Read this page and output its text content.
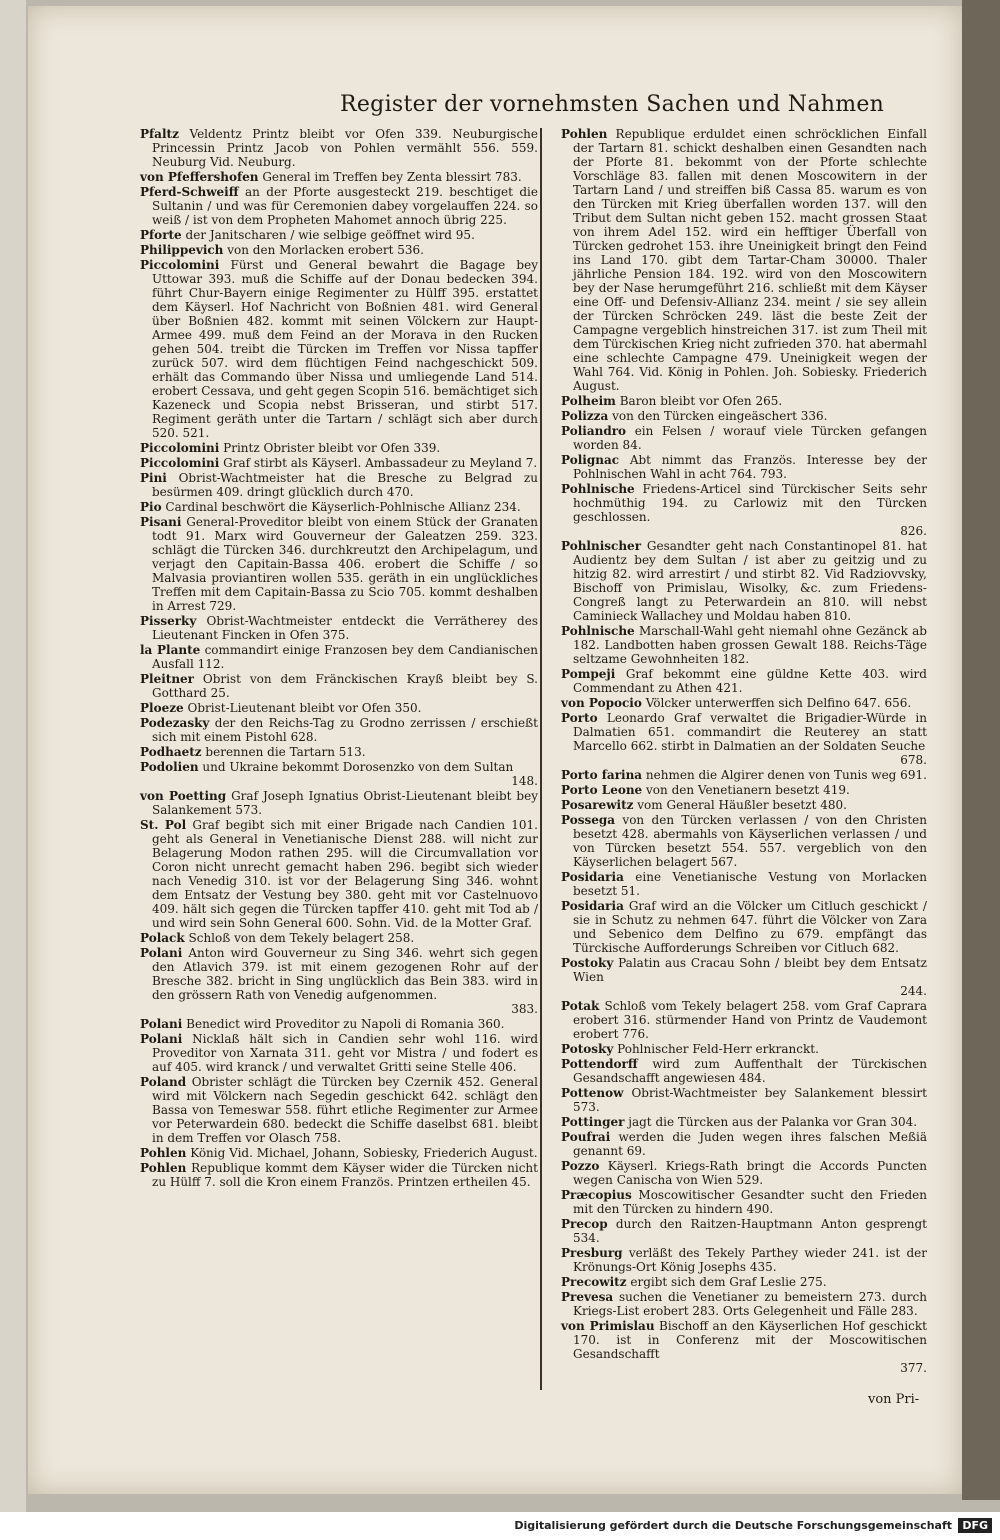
Register der vornehmsten Sachen und Nahmen
Pfaltz Veldentz Printz bleibt vor Ofen 339. Neuburgische Princessin Printz Jacob von Pohlen vermählt 556. 559. Neuburg Vid. Neuburg.
von Pfeffershofen General im Treffen bey Zenta blessirt 783.
Pferd-Schweiff an der Pforte ausgesteckt 219. beschtiget die Sultanin / und was für Ceremonien dabey vorgelauffen 224. so weiß / ist von dem Propheten Mahomet annoch übrig 225.
Pforte der Janitscharen / wie selbige geöffnet wird 95.
Philippevich von den Morlacken erobert 536.
Piccolomini Fürst und General bewahrt die Bagage bey Uttowar 393. muß die Schiffe auf der Donau bedecken 394. führt Chur-Bayern einige Regimenter zu Hülff 395. erstattet dem Käyserl. Hof Nachricht von Boßnien 481. wird General über Boßnien 482. kommt mit seinen Völckern zur Haupt-Armee 499. muß dem Feind an der Morava in den Rucken gehen 504. treibt die Türcken im Treffen vor Nissa tapffer zurück 507. wird dem flüchtigen Feind nachgeschickt 509. erhält das Commando über Nissa und umliegende Land 514. erobert Cessava, und geht gegen Scopin 516. bemächtiget sich Kazeneck und Scopia nebst Brisseran, und stirbt 517. Regiment geräth unter die Tartarn / schlägt sich aber durch 520. 521.
Piccolomini Printz Obrister bleibt vor Ofen 339.
Piccolomini Graf stirbt als Käyserl. Ambassadeur zu Meyland 7.
Pini Obrist-Wachtmeister hat die Bresche zu Belgrad zu besürmen 409. dringt glücklich durch 470.
Pio Cardinal beschwört die Käyserlich-Pohlnische Allianz 234.
Pisani General-Proveditor bleibt von einem Stück der Granaten todt 91. Marx wird Gouverneur der Galeatzen 259. 323. schlägt die Türcken 346. durchkreutzt den Archipelagum, und verjagt den Capitain-Bassa 406. erobert die Schiffe / so Malvasia proviantiren wollen 535. geräth in ein unglückliches Treffen mit dem Capitain-Bassa zu Scio 705. kommt deshalben in Arrest 729.
Pisserky Obrist-Wachtmeister entdeckt die Verrätherey des Lieutenant Fincken in Ofen 375.
la Plante commandirt einige Franzosen bey dem Candianischen Ausfall 112.
Pleitner Obrist von dem Fränckischen Krayß bleibt bey S. Gotthard 25.
Ploeze Obrist-Lieutenant bleibt vor Ofen 350.
Podezasky der den Reichs-Tag zu Grodno zerrissen / erschießt sich mit einem Pistohl 628.
Podhaetz berennen die Tartarn 513.
Podolien und Ukraine bekommt Dorosenzko von dem Sultan
148.
von Poetting Graf Joseph Ignatius Obrist-Lieutenant bleibt bey Salankement 573.
St. Pol Graf begibt sich mit einer Brigade nach Candien 101. geht als General in Venetianische Dienst 288. will nicht zur Belagerung Modon rathen 295. will die Circumvallation vor Coron nicht unrecht gemacht haben 296. begibt sich wieder nach Venedig 310. ist vor der Belagerung Sing 346. wohnt dem Entsatz der Vestung bey 380. geht mit vor Castelnuovo 409. hält sich gegen die Türcken tapffer 410. geht mit Tod ab / und wird sein Sohn General 600. Sohn. Vid. de la Motter Graf.
Polack Schloß von dem Tekely belagert 258.
Polani Anton wird Gouverneur zu Sing 346. wehrt sich gegen den Atlavich 379. ist mit einem gezogenen Rohr auf der Bresche 382. bricht in Sing unglücklich das Bein 383. wird in den grössern Rath von Venedig aufgenommen.
383.
Polani Benedict wird Proveditor zu Napoli di Romania 360.
Polani Nicklaß hält sich in Candien sehr wohl 116. wird Proveditor von Xarnata 311. geht vor Mistra / und fodert es auf 405. wird kranck / und verwaltet Gritti seine Stelle 406.
Poland Obrister schlägt die Türcken bey Czernik 452. General wird mit Völckern nach Segedin geschickt 642. schlägt den Bassa von Temeswar 558. führt etliche Regimenter zur Armee vor Peterwardein 680. bedeckt die Schiffe daselbst 681. bleibt in dem Treffen vor Olasch 758.
Pohlen König Vid. Michael, Johann, Sobiesky, Friederich August.
Pohlen Republique kommt dem Käyser wider die Türcken nicht zu Hülff 7. soll die Kron einem Französ. Printzen ertheilen 45.
Pohlen Republique erduldet einen schröcklichen Einfall der Tartarn 81. schickt deshalben einen Gesandten nach der Pforte 81. bekommt von der Pforte schlechte Vorschläge 83. fallen mit denen Moscowitern in der Tartarn Land / und streiffen biß Cassa 85. warum es von den Türcken mit Krieg überfallen worden 137. will den Tribut dem Sultan nicht geben 152. macht grossen Staat von ihrem Adel 152. wird ein hefftiger Überfall von Türcken gedrohet 153. ihre Uneinigkeit bringt den Feind ins Land 170. gibt dem Tartar-Cham 30000. Thaler jährliche Pension 184. 192. wird von den Moscowitern bey der Nase herumgeführt 216. schließt mit dem Käyser eine Off- und Defensiv-Allianz 234. meint / sie sey allein der Türcken Schröcken 249. läst die beste Zeit der Campagne vergeblich hinstreichen 317. ist zum Theil mit dem Türckischen Krieg nicht zufrieden 370. hat abermahl eine schlechte Campagne 479. Uneinigkeit wegen der Wahl 764. Vid. König in Pohlen. Joh. Sobiesky. Friederich August.
Polheim Baron bleibt vor Ofen 265.
Polizza von den Türcken eingeäschert 336.
Poliandro ein Felsen / worauf viele Türcken gefangen worden 84.
Polignac Abt nimmt das Französ. Interesse bey der Pohlnischen Wahl in acht 764. 793.
Pohlnische Friedens-Articel sind Türckischer Seits sehr hochmüthig 194. zu Carlowiz mit den Türcken geschlossen.
826.
Pohlnischer Gesandter geht nach Constantinopel 81. hat Audientz bey dem Sultan / ist aber zu geitzig und zu hitzig 82. wird arrestirt / und stirbt 82. Vid Radziovvsky, Bischoff von Primislau, Wisolky, &c. zum Friedens-Congreß langt zu Peterwardein an 810. will nebst Caminieck Wallachey und Moldau haben 810.
Pohlnische Marschall-Wahl geht niemahl ohne Gezänck ab 182. Landbotten haben grossen Gewalt 188. Reichs-Täge seltzame Gewohnheiten 182.
Pompeji Graf bekommt eine güldne Kette 403. wird Commendant zu Athen 421.
von Popocio Völcker unterwerffen sich Delfino 647. 656.
Porto Leonardo Graf verwaltet die Brigadier-Würde in Dalmatien 651. commandirt die Reuterey an statt Marcello 662. stirbt in Dalmatien an der Soldaten Seuche
678.
Porto farina nehmen die Algirer denen von Tunis weg 691.
Porto Leone von den Venetianern besetzt 419.
Posarewitz vom General Häußler besetzt 480.
Possega von den Türcken verlassen / von den Christen besetzt 428. abermahls von Käyserlichen verlassen / und von Türcken besetzt 554. 557. vergeblich von den Käyserlichen belagert 567.
Posidaria eine Venetianische Vestung von Morlacken besetzt 51.
Posidaria Graf wird an die Völcker um Citluch geschickt / sie in Schutz zu nehmen 647. führt die Völcker von Zara und Sebenico dem Delfino zu 679. empfängt das Türckische Aufforderungs Schreiben vor Citluch 682.
Postoky Palatin aus Cracau Sohn / bleibt bey dem Entsatz Wien
244.
Potak Schloß vom Tekely belagert 258. vom Graf Caprara erobert 316. stürmender Hand von Printz de Vaudemont erobert 776.
Potosky Pohlnischer Feld-Herr erkranckt.
Pottendorff wird zum Auffenthalt der Türckischen Gesandschafft angewiesen 484.
Pottenow Obrist-Wachtmeister bey Salankement blessirt 573.
Pottinger jagt die Türcken aus der Palanka vor Gran 304.
Poufrai werden die Juden wegen ihres falschen Meßiä genannt 69.
Pozzo Käyserl. Kriegs-Rath bringt die Accords Puncten wegen Canischa von Wien 529.
Præcopius Moscowitischer Gesandter sucht den Frieden mit den Türcken zu hindern 490.
Precop durch den Raitzen-Hauptmann Anton gesprengt 534.
Presburg verläßt des Tekely Parthey wieder 241. ist der Krönungs-Ort König Josephs 435.
Precowitz ergibt sich dem Graf Leslie 275.
Prevesa suchen die Venetianer zu bemeistern 273. durch Kriegs-List erobert 283. Orts Gelegenheit und Fälle 283.
von Primislau Bischoff an den Käyserlichen Hof geschickt 170. ist in Conferenz mit der Moscowitischen Gesandschafft
377.
von Pri-
Digitalisierung gefördert durch die Deutsche Forschungsgemeinschaft DFG
